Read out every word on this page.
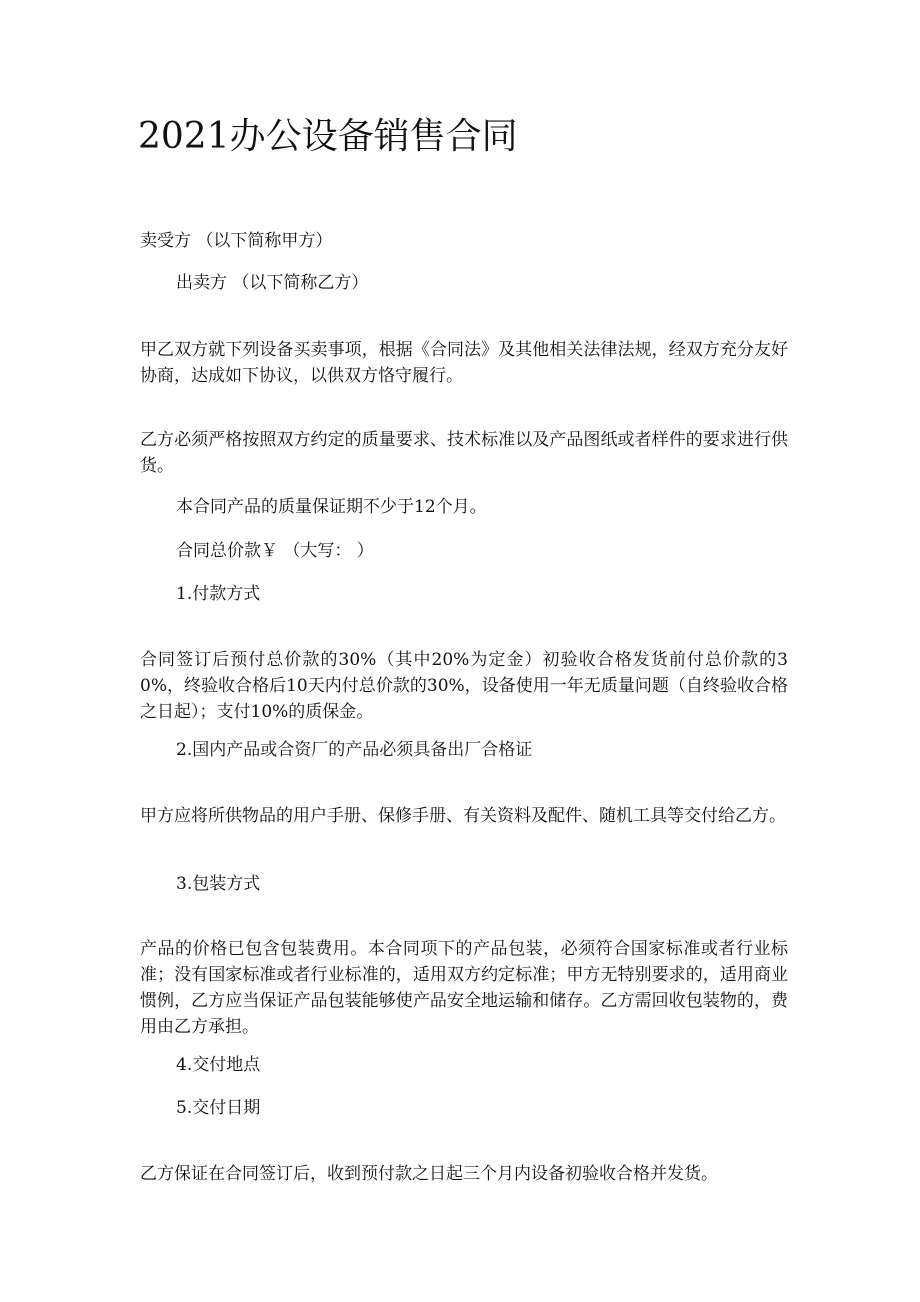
2021办公设备销售合同

卖受方 （以下简称甲方）

出卖方 （以下简称乙方）

甲乙双方就下列设备买卖事项，根据《合同法》及其他相关法律法规，经双方充分友好协商，达成如下协议，以供双方恪守履行。

乙方必须严格按照双方约定的质量要求、技术标准以及产品图纸或者样件的要求进行供货。

本合同产品的质量保证期不少于12个月。

合同总价款￥ （大写： ）

1.付款方式

合同签订后预付总价款的30%（其中20%为定金）初验收合格发货前付总价款的30%，终验收合格后10天内付总价款的30%，设备使用一年无质量问题（自终验收合格之日起）；支付10%的质保金。

2.国内产品或合资厂的产品必须具备出厂合格证

甲方应将所供物品的用户手册、保修手册、有关资料及配件、随机工具等交付给乙方。

3.包装方式

产品的价格已包含包装费用。本合同项下的产品包装，必须符合国家标准或者行业标准；没有国家标准或者行业标准的，适用双方约定标准；甲方无特别要求的，适用商业惯例，乙方应当保证产品包装能够使产品安全地运输和储存。乙方需回收包装物的，费用由乙方承担。

4.交付地点

5.交付日期

乙方保证在合同签订后，收到预付款之日起三个月内设备初验收合格并发货。
